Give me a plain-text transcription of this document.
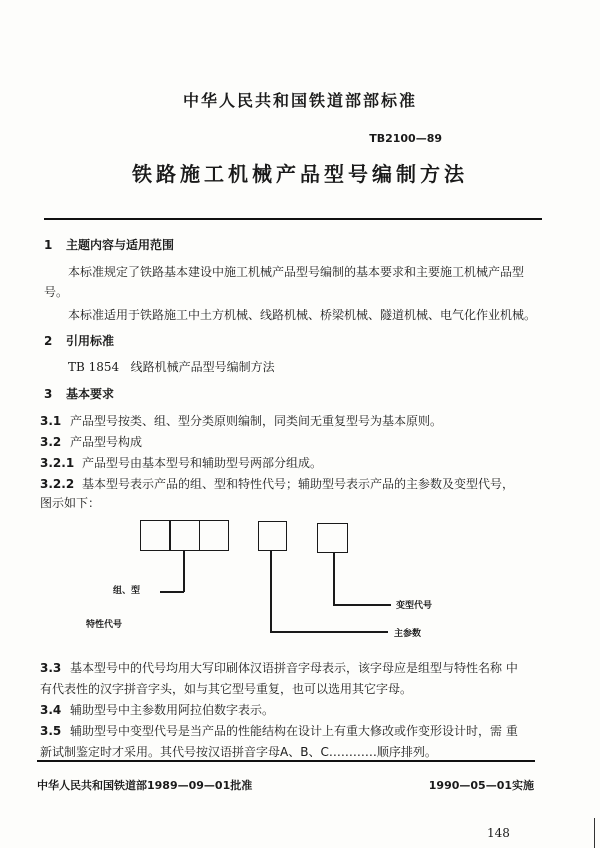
中华人民共和国铁道部部标准
TB2100—89
铁路施工机械产品型号编制方法
1 主题内容与适用范围
本标准规定了铁路基本建设中施工机械产品型号编制的基本要求和主要施工机械产品型
号。
本标准适用于铁路施工中土方机械、线路机械、桥梁机械、隧道机械、电气化作业机械。
2 引用标准
TB 1854 线路机械产品型号编制方法
3 基本要求
3.1 产品型号按类、组、型分类原则编制，同类间无重复型号为基本原则。
3.2 产品型号构成
3.2.1 产品型号由基本型号和辅助型号两部分组成。
3.2.2 基本型号表示产品的组、型和特性代号；辅助型号表示产品的主参数及变型代号，
图示如下：
组、型
特性代号
主参数
变型代号
3.3 基本型号中的代号均用大写印刷体汉语拼音字母表示，该字母应是组型与特性名称 中
有代表性的汉字拼音字头，如与其它型号重复，也可以选用其它字母。
3.4 辅助型号中主参数用阿拉伯数字表示。
3.5 辅助型号中变型代号是当产品的性能结构在设计上有重大修改或作变形设计时，需 重
新试制鉴定时才采用。其代号按汉语拼音字母A、B、C…………顺序排列。
中华人民共和国铁道部1989—09—01批准	1990—05—01实施
148
